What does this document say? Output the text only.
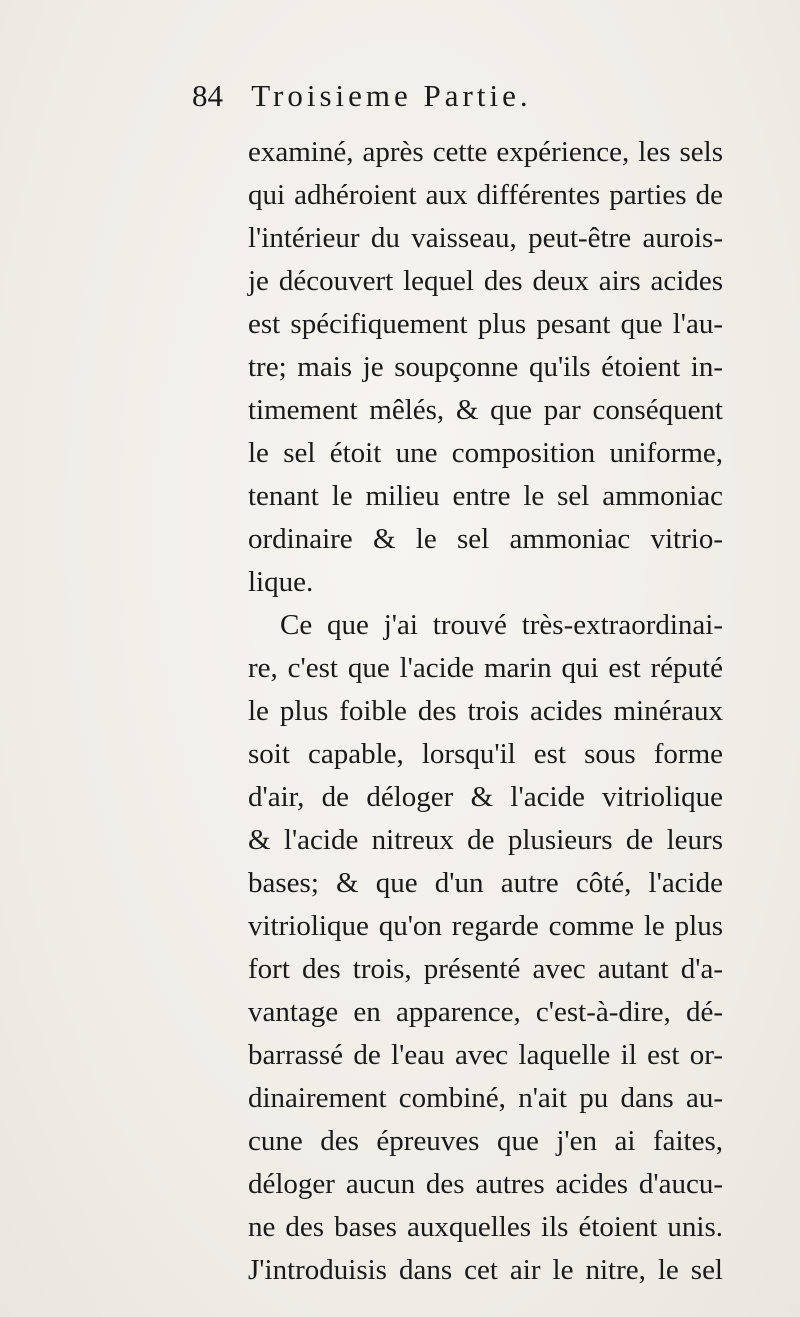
84 Troisieme Partie.
examiné, après cette expérience, les sels
qui adhéroient aux différentes parties de
l'intérieur du vaisseau, peut-être aurois-
je découvert lequel des deux airs acides
est spécifiquement plus pesant que l'au-
tre; mais je soupçonne qu'ils étoient in-
timement mêlés, & que par conséquent
le sel étoit une composition uniforme,
tenant le milieu entre le sel ammoniac
ordinaire & le sel ammoniac vitrio-
lique.
Ce que j'ai trouvé très-extraordinai-
re, c'est que l'acide marin qui est réputé
le plus foible des trois acides minéraux
soit capable, lorsqu'il est sous forme
d'air, de déloger & l'acide vitriolique
& l'acide nitreux de plusieurs de leurs
bases; & que d'un autre côté, l'acide
vitriolique qu'on regarde comme le plus
fort des trois, présenté avec autant d'a-
vantage en apparence, c'est-à-dire, dé-
barrassé de l'eau avec laquelle il est or-
dinairement combiné, n'ait pu dans au-
cune des épreuves que j'en ai faites,
déloger aucun des autres acides d'aucu-
ne des bases auxquelles ils étoient unis.
J'introduisis dans cet air le nitre, le sel
